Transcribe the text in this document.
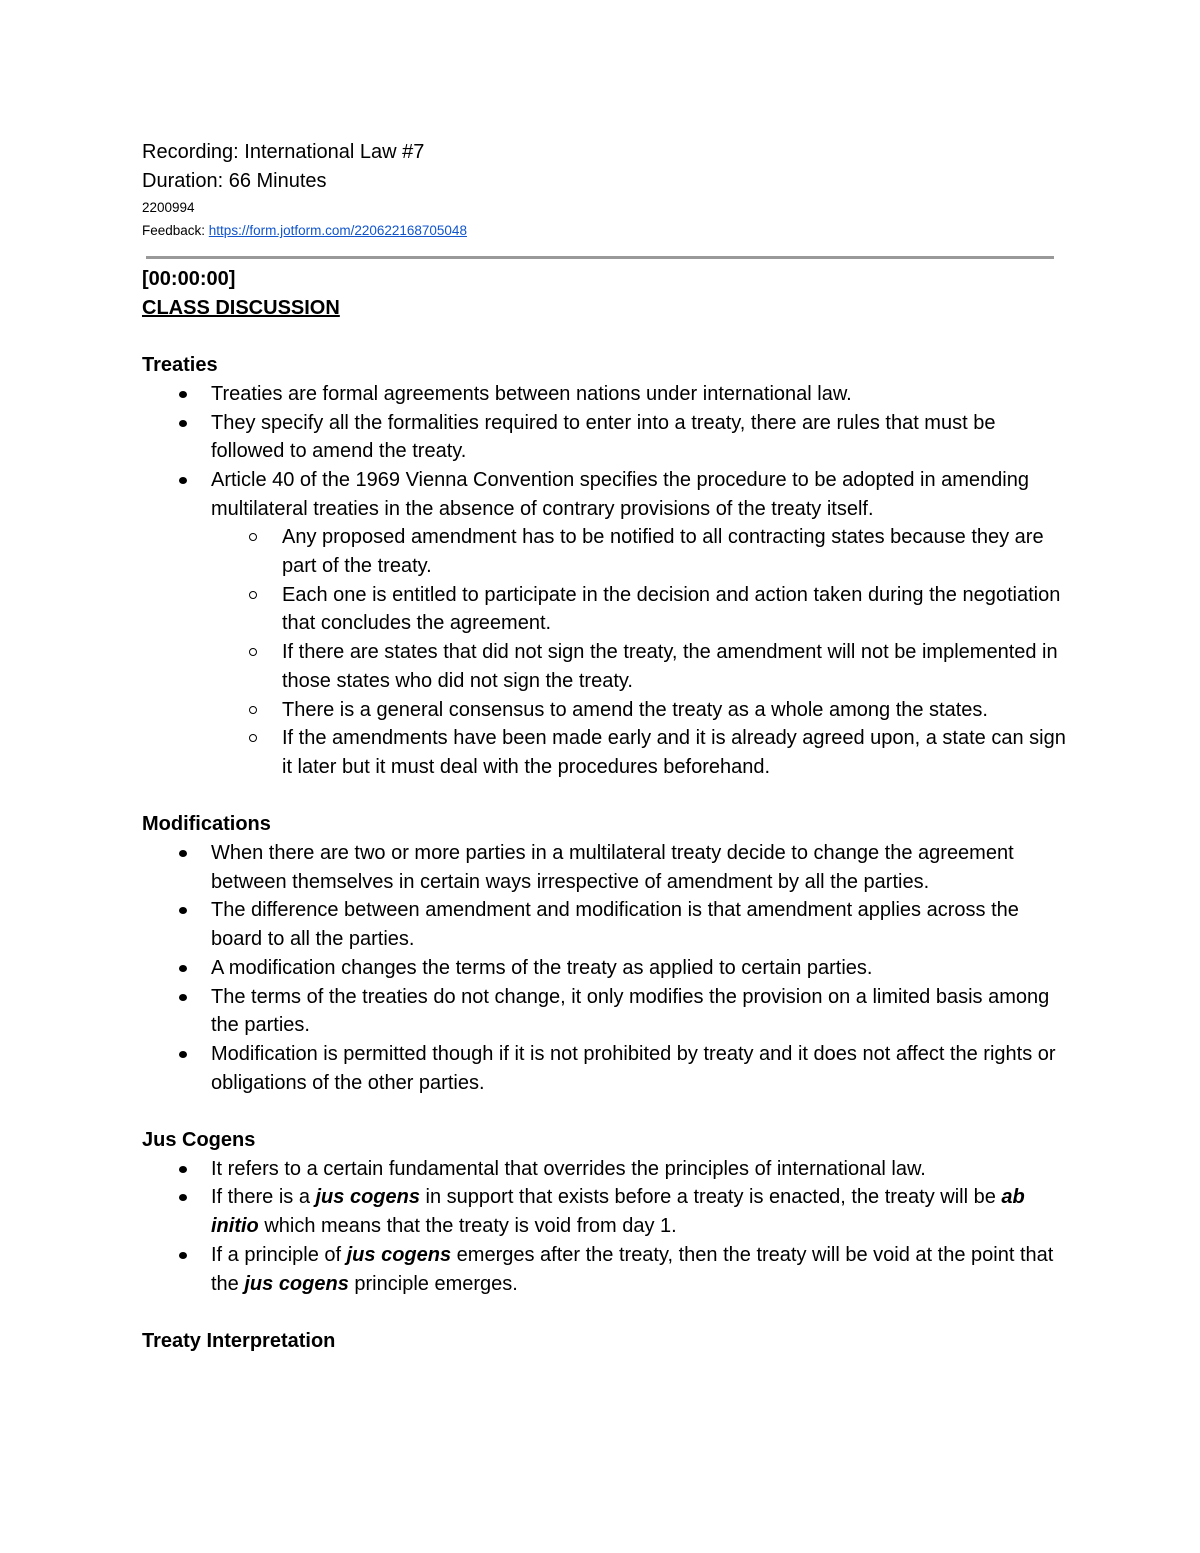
Recording: International Law #7
Duration: 66 Minutes
2200994
Feedback: https://form.jotform.com/220622168705048
[00:00:00]
CLASS DISCUSSION
Treaties
Treaties are formal agreements between nations under international law.
They specify all the formalities required to enter into a treaty, there are rules that must be followed to amend the treaty.
Article 40 of the 1969 Vienna Convention specifies the procedure to be adopted in amending multilateral treaties in the absence of contrary provisions of the treaty itself.
Any proposed amendment has to be notified to all contracting states because they are part of the treaty.
Each one is entitled to participate in the decision and action taken during the negotiation that concludes the agreement.
If there are states that did not sign the treaty, the amendment will not be implemented in those states who did not sign the treaty.
There is a general consensus to amend the treaty as a whole among the states.
If the amendments have been made early and it is already agreed upon, a state can sign it later but it must deal with the procedures beforehand.
Modifications
When there are two or more parties in a multilateral treaty decide to change the agreement between themselves in certain ways irrespective of amendment by all the parties.
The difference between amendment and modification is that amendment applies across the board to all the parties.
A modification changes the terms of the treaty as applied to certain parties.
The terms of the treaties do not change, it only modifies the provision on a limited basis among the parties.
Modification is permitted though if it is not prohibited by treaty and it does not affect the rights or obligations of the other parties.
Jus Cogens
It refers to a certain fundamental that overrides the principles of international law.
If there is a jus cogens in support that exists before a treaty is enacted, the treaty will be ab initio which means that the treaty is void from day 1.
If a principle of jus cogens emerges after the treaty, then the treaty will be void at the point that the jus cogens principle emerges.
Treaty Interpretation
